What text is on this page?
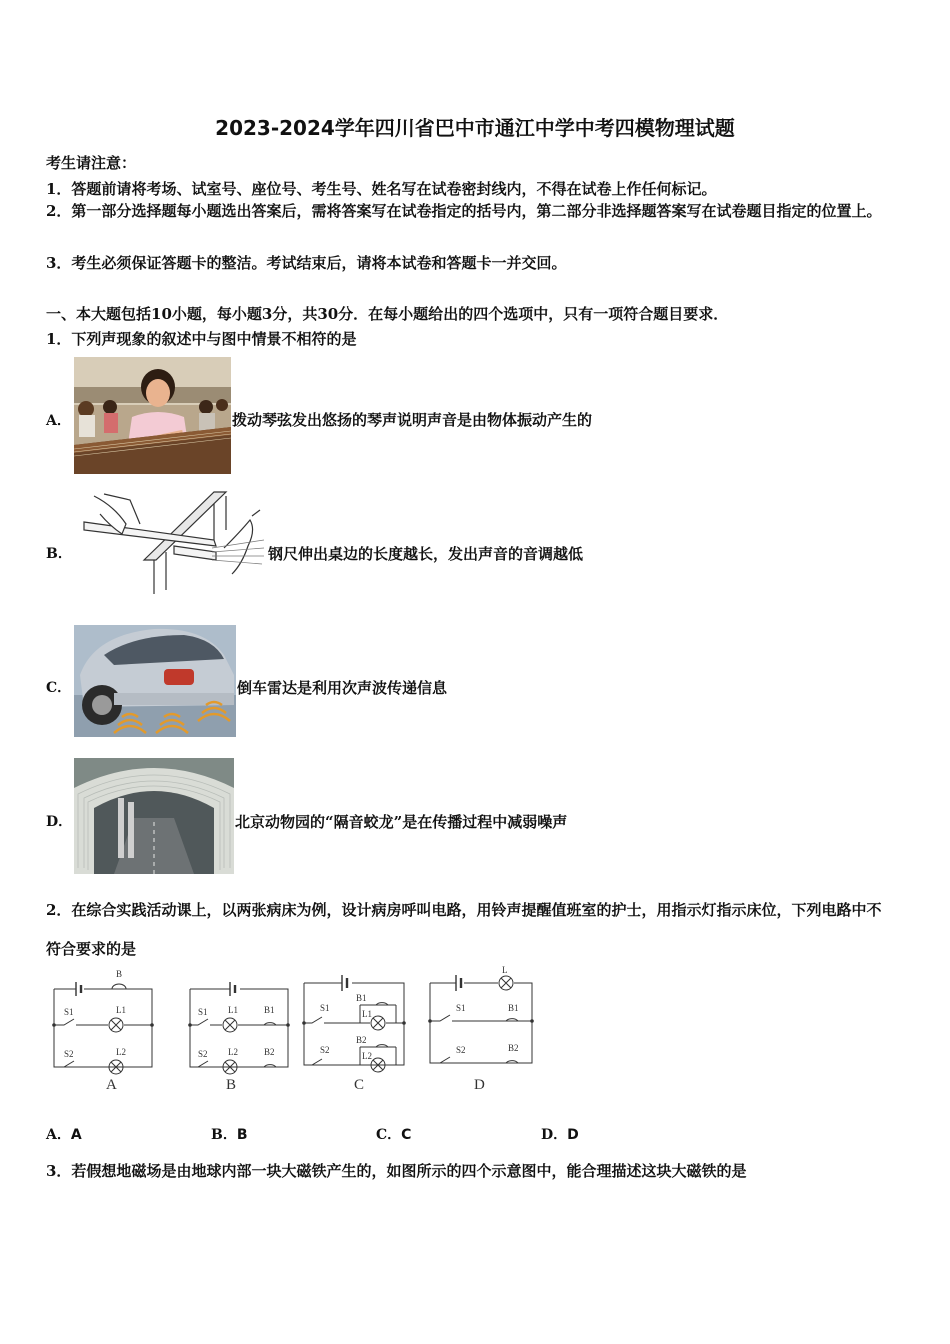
2023-2024学年四川省巴中市通江中学中考四模物理试题
考生请注意：
1．答题前请将考场、试室号、座位号、考生号、姓名写在试卷密封线内，不得在试卷上作任何标记。
2．第一部分选择题每小题选出答案后，需将答案写在试卷指定的括号内，第二部分非选择题答案写在试卷题目指定的位置上。
3．考生必须保证答题卡的整洁。考试结束后，请将本试卷和答题卡一并交回。
一、本大题包括10小题，每小题3分，共30分．在每小题给出的四个选项中，只有一项符合题目要求．
1．下列声现象的叙述中与图中情景不相符的是
A．	拨动琴弦发出悠扬的琴声说明声音是由物体振动产生的
B．	钢尺伸出桌边的长度越长，发出声音的音调越低
C．	倒车雷达是利用次声波传递信息
D．	北京动物园的“隔音蛟龙”是在传播过程中减弱噪声
2．在综合实践活动课上，以两张病床为例，设计病房呼叫电路，用铃声提醒值班室的护士，用指示灯指示床位，下列电路中不符合要求的是
B
S1	L1
S2	L2
A
S1 L1	B1
S2 L2	B2
B
S1
B1
L1
S2
B2
L2
C
L
S1	B1
S2	B2
D
A．A	B．B	C．C	D．D
3．若假想地磁场是由地球内部一块大磁铁产生的，如图所示的四个示意图中，能合理描述这块大磁铁的是
